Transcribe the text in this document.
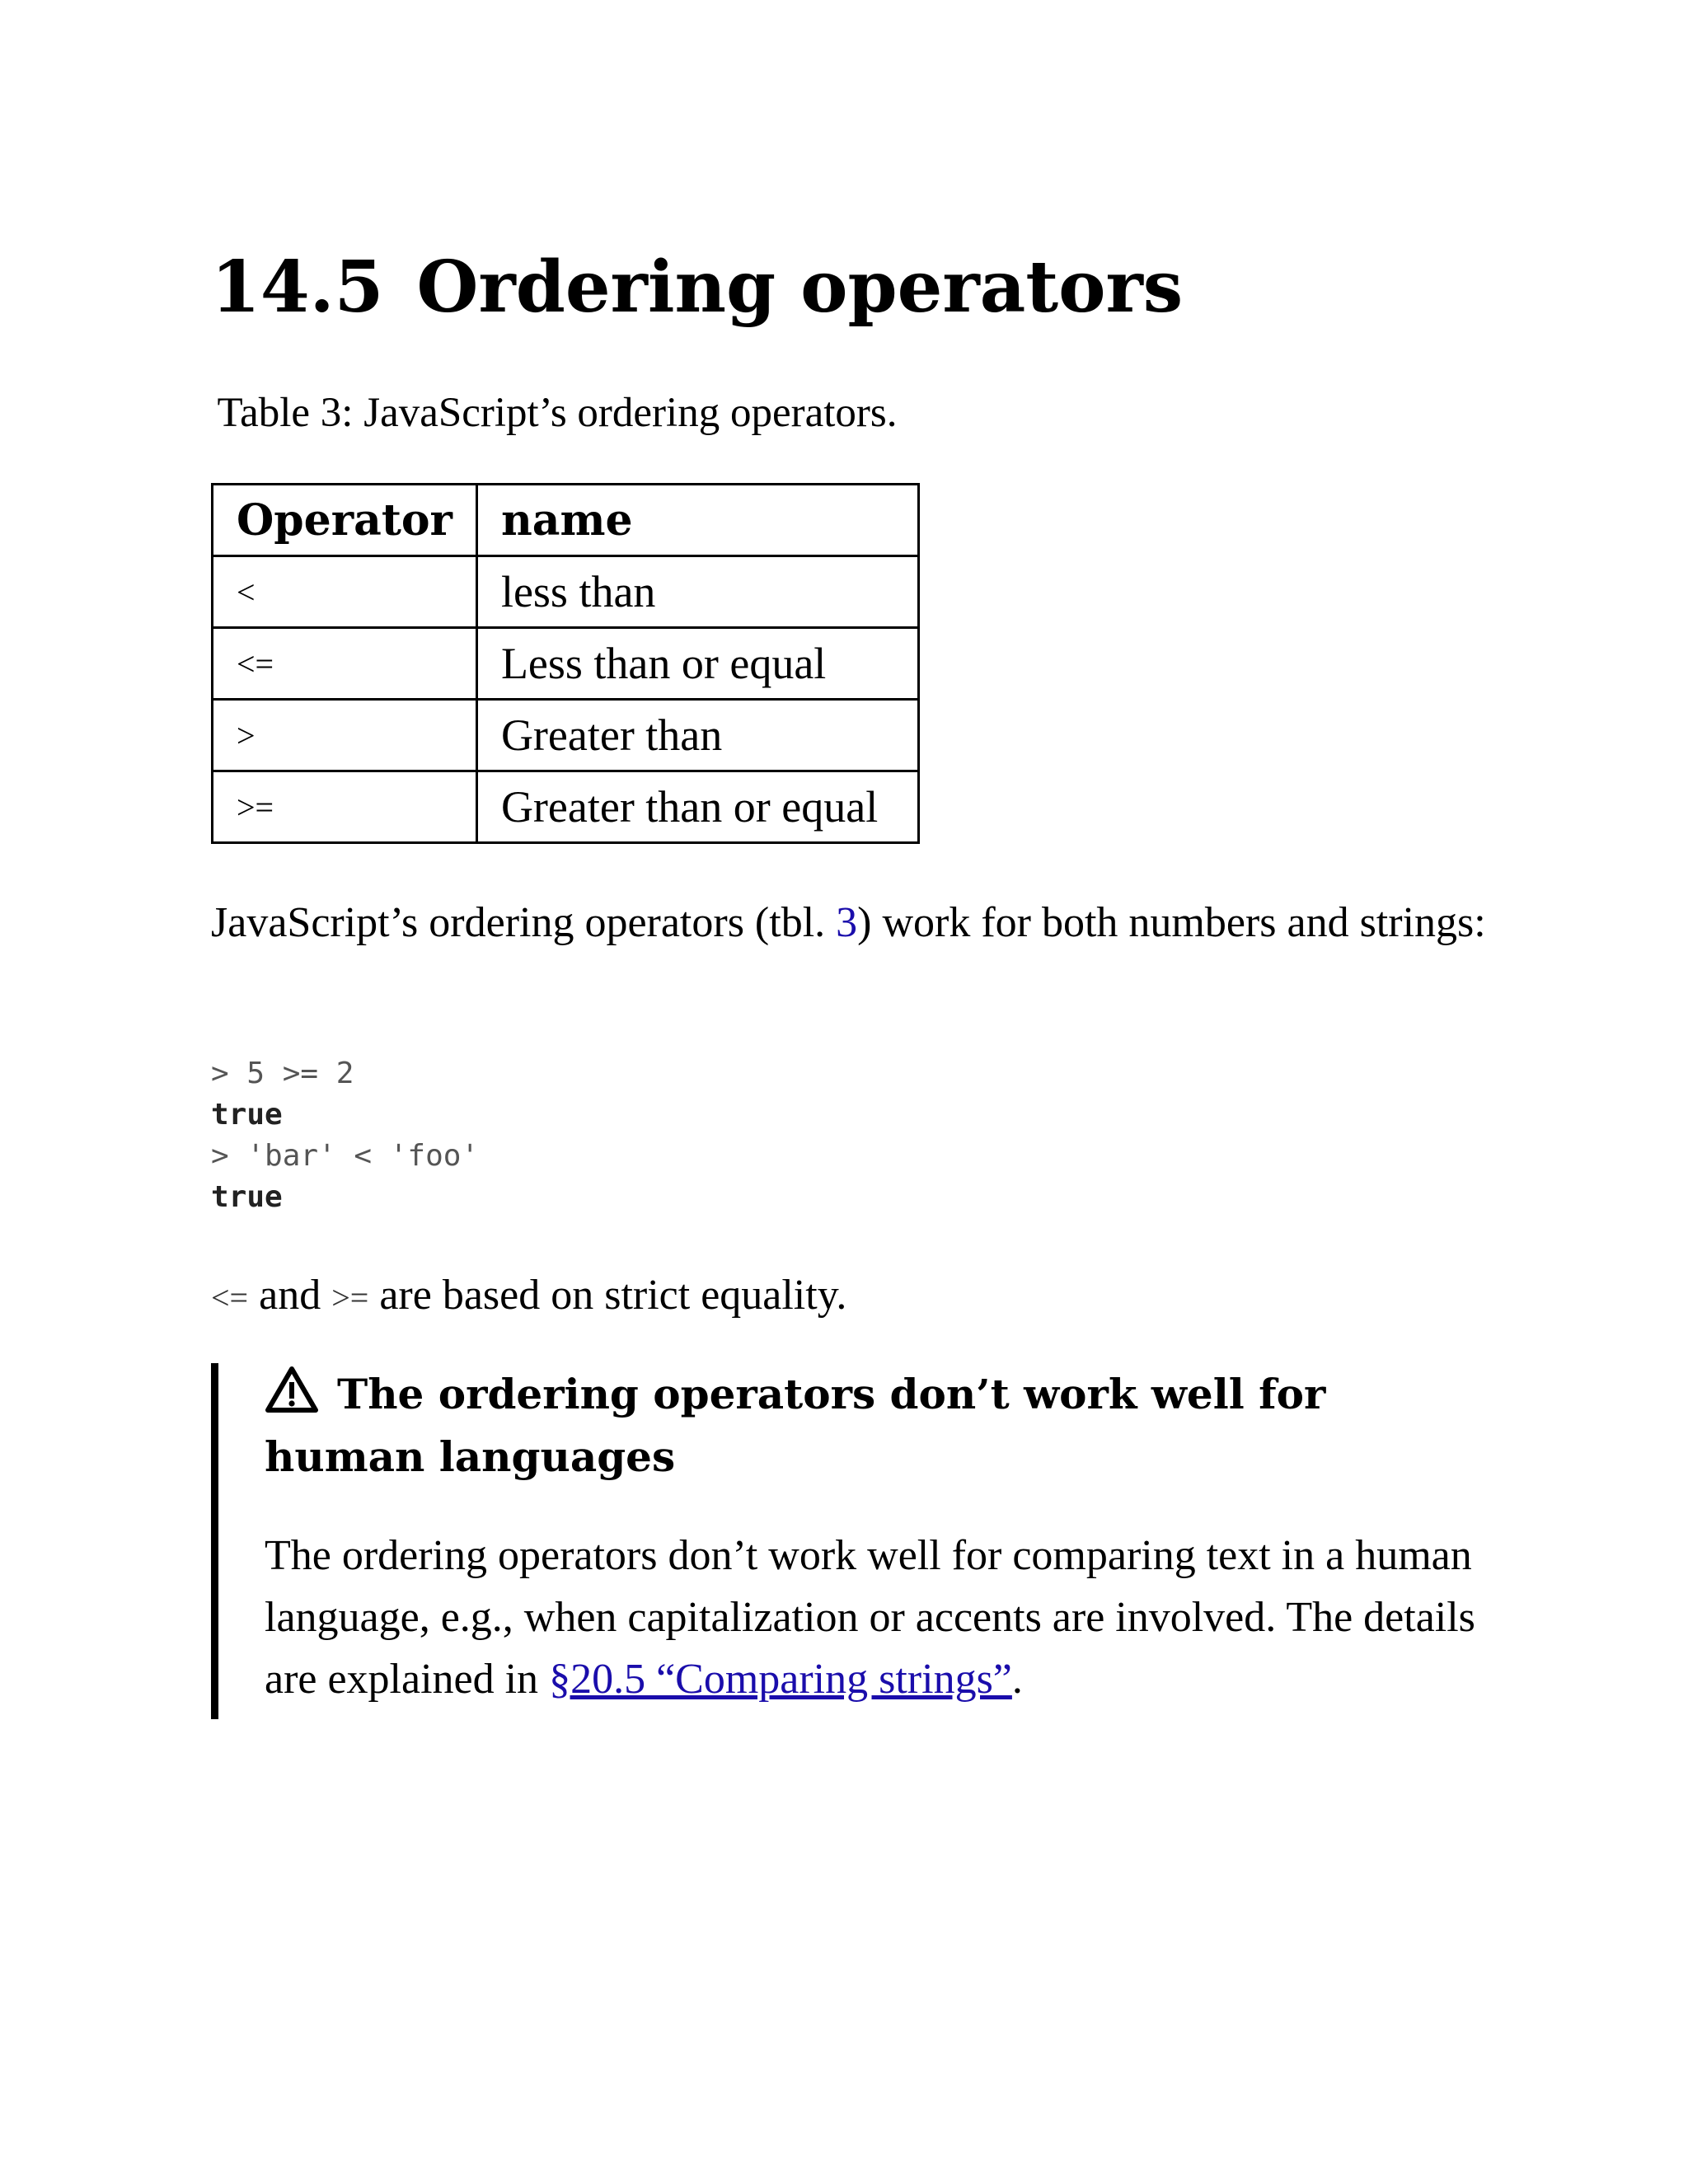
14.5 Ordering operators

Table 3: JavaScript’s ordering operators.

Operator	name
<	less than
<=	Less than or equal
>	Greater than
>=	Greater than or equal

JavaScript’s ordering operators (tbl. 3) work for both numbers and strings:

> 5 >= 2
true
> 'bar' < 'foo'
true

<= and >= are based on strict equality.

The ordering operators don’t work well for human languages

The ordering operators don’t work well for comparing text in a human language, e.g., when capitalization or accents are involved. The details are explained in §20.5 “Comparing strings”.
